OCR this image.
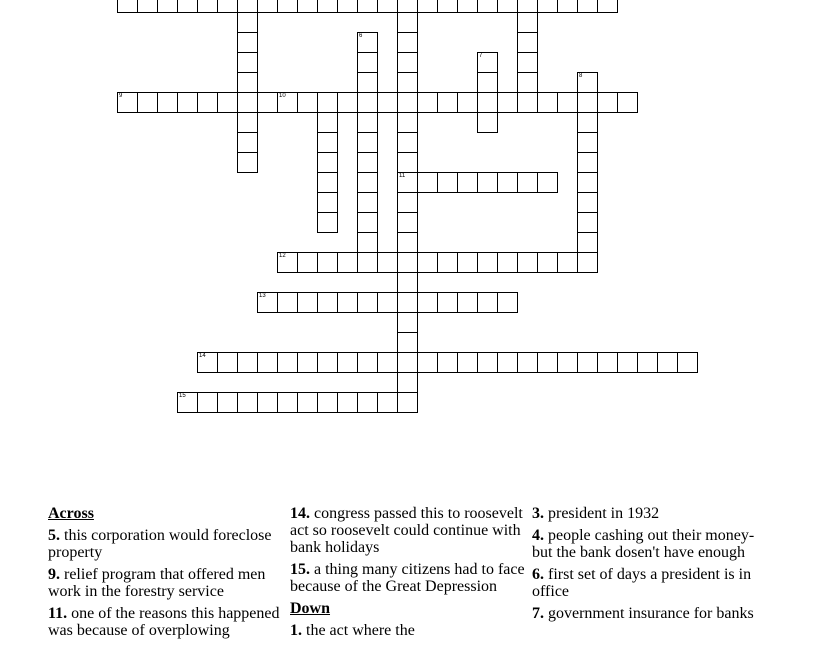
9	10
11
12
13
14
15
6
7
8
Across

5. this corporation would foreclose property

9. relief program that offered men work in the forestry service

11. one of the reasons this happened was because of overplowing

14. congress passed this to roosevelt act so roosevelt could continue with bank holidays

15. a thing many citizens had to face because of the Great Depression

Down

1. the act where the

3. president in 1932

4. people cashing out their money- but the bank dosen't have enough

6. first set of days a president is in office

7. government insurance for banks
